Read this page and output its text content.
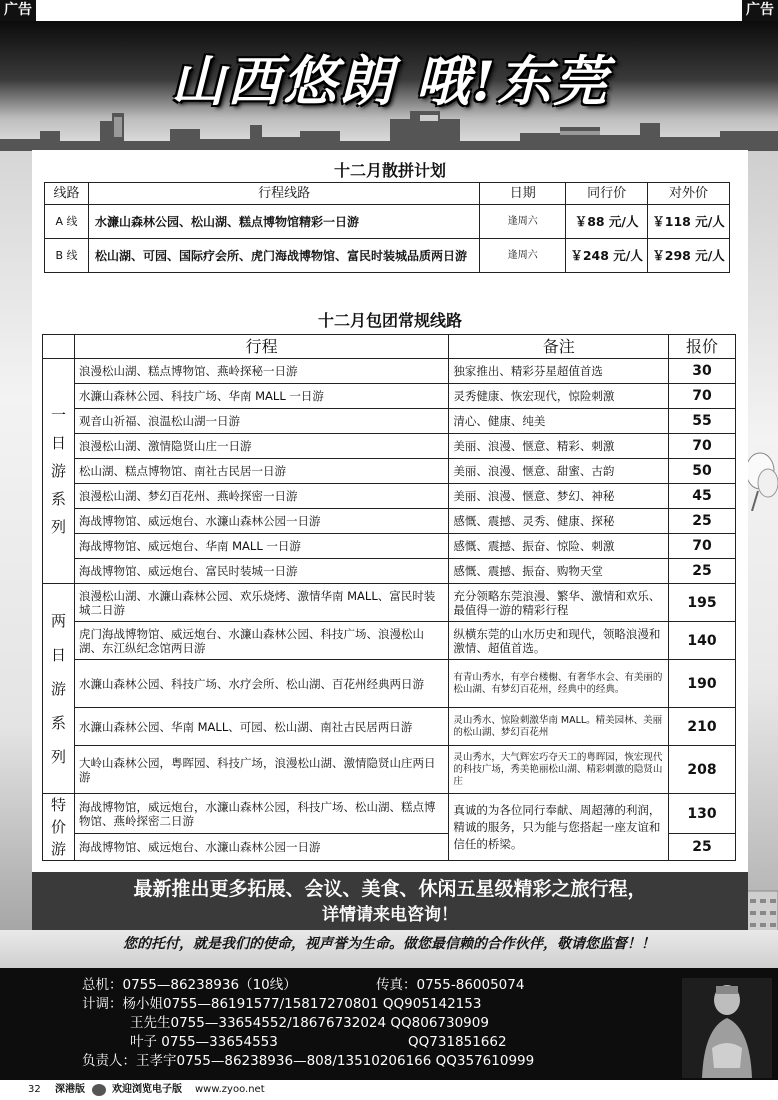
广告	广告
山西悠朗 哦!东莞
十二月散拼计划
线路	行程线路	日期	同行价	对外价
A 线	水濂山森林公园、松山湖、糕点博物馆精彩一日游	逢周六	￥88 元/人	￥118 元/人
B 线	松山湖、可园、国际疗会所、虎门海战博物馆、富民时装城品质两日游	逢周六	￥248 元/人	￥298 元/人
十二月包团常规线路
	行程	备注	报价

一日游系列	浪漫松山湖、糕点博物馆、燕岭探秘一日游	独家推出、精彩芬星超值首选	30
	水濂山森林公园、科技广场、华南 MALL 一日游	灵秀健康、恢宏现代，惊险刺激	70
	观音山祈福、浪温松山湖一日游	清心、健康、纯美	55
	浪漫松山湖、激情隐贤山庄一日游	美丽、浪漫、惬意、精彩、刺激	70
	松山湖、糕点博物馆、南社古民居一日游	美丽、浪漫、惬意、甜蜜、古韵	50
	浪漫松山湖、梦幻百花州、燕岭探密一日游	美丽、浪漫、惬意、梦幻、神秘	45
	海战博物馆、威远炮台、水濂山森林公园一日游	感慨、震撼、灵秀、健康、探秘	25
	海战博物馆、威远炮台、华南 MALL 一日游	感慨、震撼、振奋、惊险、刺激	70
	海战博物馆、威远炮台、富民时装城一日游	感慨、震撼、振奋、购物天堂	25

两日游系列	浪漫松山湖、水濂山森林公园、欢乐烧烤、激情华南 MALL、富民时装城二日游	充分领略东莞浪漫、繁华、激情和欢乐、最值得一游的精彩行程	195
	虎门海战博物馆、威远炮台、水濂山森林公园、科技广场、浪漫松山湖、东江纵纪念馆两日游	纵横东莞的山水历史和现代，领略浪漫和激情、超值首选。	140
	水濂山森林公园、科技广场、水疗会所、松山湖、百花州经典两日游	有青山秀水，有亭台楼榭、有奢华水会、有美丽的松山湖、有梦幻百花州，经典中的经典。	190
	水濂山森林公园、华南 MALL、可园、松山湖、南社古民居两日游	灵山秀水、惊险刺激华南 MALL。精美园林、美丽的松山湖、梦幻百花州	210
	大岭山森林公园，粤晖园、科技广场，浪漫松山湖、激情隐贤山庄两日游	灵山秀水，大气辉宏巧夺天工的粤晖园，恢宏现代的科技广场，秀美艳丽松山湖、精彩刺激的隐贤山庄	208

特价游	海战博物馆，威远炮台，水濂山森林公园，科技广场、松山湖、糕点博物馆、燕岭探密二日游	真诚的为各位同行奉献、周超薄的利润，精诚的服务，只为能与您搭起一座友谊和信任的桥梁。	130
	海战博物馆、威远炮台、水濂山森林公园一日游		25
最新推出更多拓展、会议、美食、休闲五星级精彩之旅行程，
详情请来电咨询！
您的托付，就是我们的使命，视声誉为生命。做您最信赖的合作伙伴，敬请您监督！！
总机：0755—86238936（10线）	传真：0755-86005074
计调：杨小姐0755—86191577/15817270801 QQ905142153
王先生0755—33654552/18676732024 QQ806730909
叶子 0755—33654553	QQ731851662
负责人：王孝宇0755—86238936—808/13510206166 QQ357610999
32 深港版	欢迎浏览电子版 www.zyoo.net
